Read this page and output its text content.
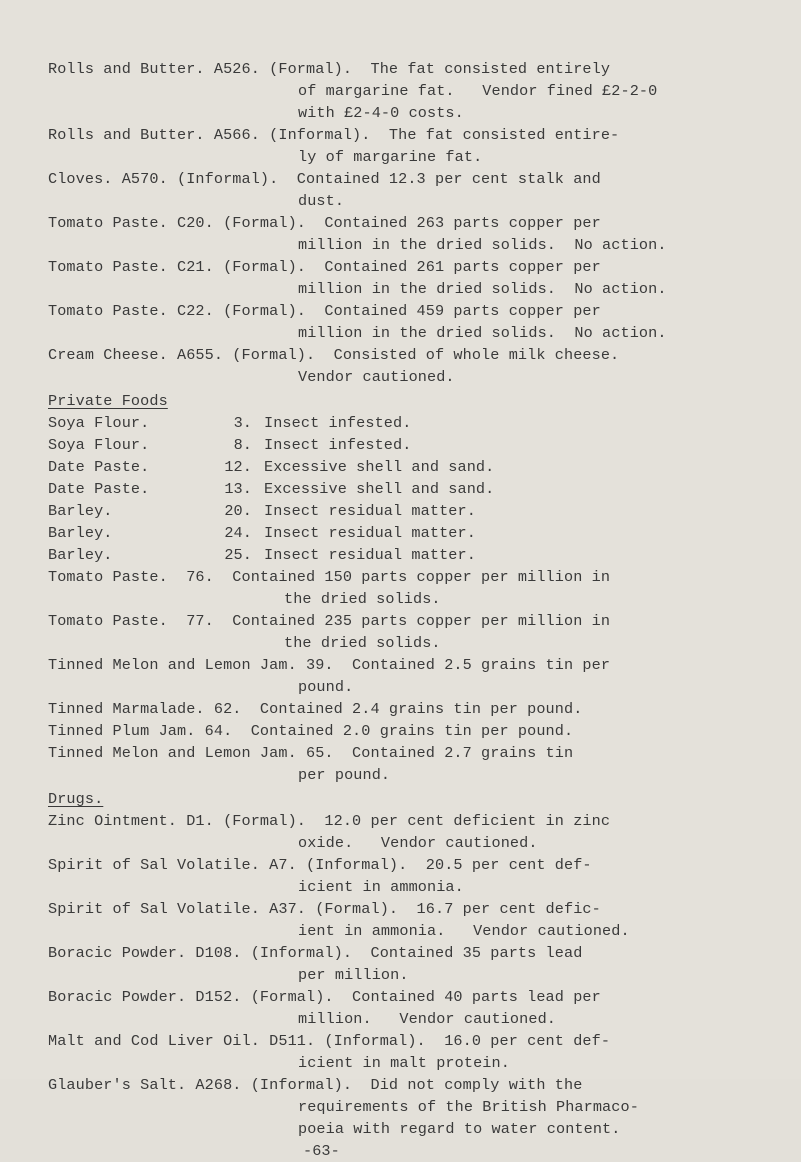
Rolls and Butter. A526. (Formal).  The fat consisted entirely
of margarine fat.   Vendor fined £2-2-0
with £2-4-0 costs.
Rolls and Butter. A566. (Informal).  The fat consisted entire-
ly of margarine fat.
Cloves. A570. (Informal).  Contained 12.3 per cent stalk and
dust.
Tomato Paste. C20. (Formal).  Contained 263 parts copper per
million in the dried solids.  No action.
Tomato Paste. C21. (Formal).  Contained 261 parts copper per
million in the dried solids.  No action.
Tomato Paste. C22. (Formal).  Contained 459 parts copper per
million in the dried solids.  No action.
Cream Cheese. A655. (Formal).  Consisted of whole milk cheese.
Vendor cautioned.
Private Foods
Soya Flour.	3. Insect infested.
Soya Flour.	8. Insect infested.
Date Paste.	12. Excessive shell and sand.
Date Paste.	13. Excessive shell and sand.
Barley.	20. Insect residual matter.
Barley.	24. Insect residual matter.
Barley.	25. Insect residual matter.
Tomato Paste.  76.  Contained 150 parts copper per million in
the dried solids.
Tomato Paste.  77.  Contained 235 parts copper per million in
the dried solids.
Tinned Melon and Lemon Jam. 39.  Contained 2.5 grains tin per
pound.
Tinned Marmalade. 62.  Contained 2.4 grains tin per pound.
Tinned Plum Jam. 64.  Contained 2.0 grains tin per pound.
Tinned Melon and Lemon Jam. 65.  Contained 2.7 grains tin
per pound.
Drugs.
Zinc Ointment. D1. (Formal).  12.0 per cent deficient in zinc
oxide.   Vendor cautioned.
Spirit of Sal Volatile. A7. (Informal).  20.5 per cent def-
icient in ammonia.
Spirit of Sal Volatile. A37. (Formal).  16.7 per cent defic-
ient in ammonia.   Vendor cautioned.
Boracic Powder. D108. (Informal).  Contained 35 parts lead
per million.
Boracic Powder. D152. (Formal).  Contained 40 parts lead per
million.   Vendor cautioned.
Malt and Cod Liver Oil. D511. (Informal).  16.0 per cent def-
icient in malt protein.
Glauber's Salt. A268. (Informal).  Did not comply with the
requirements of the British Pharmaco-
poeia with regard to water content.
-63-
